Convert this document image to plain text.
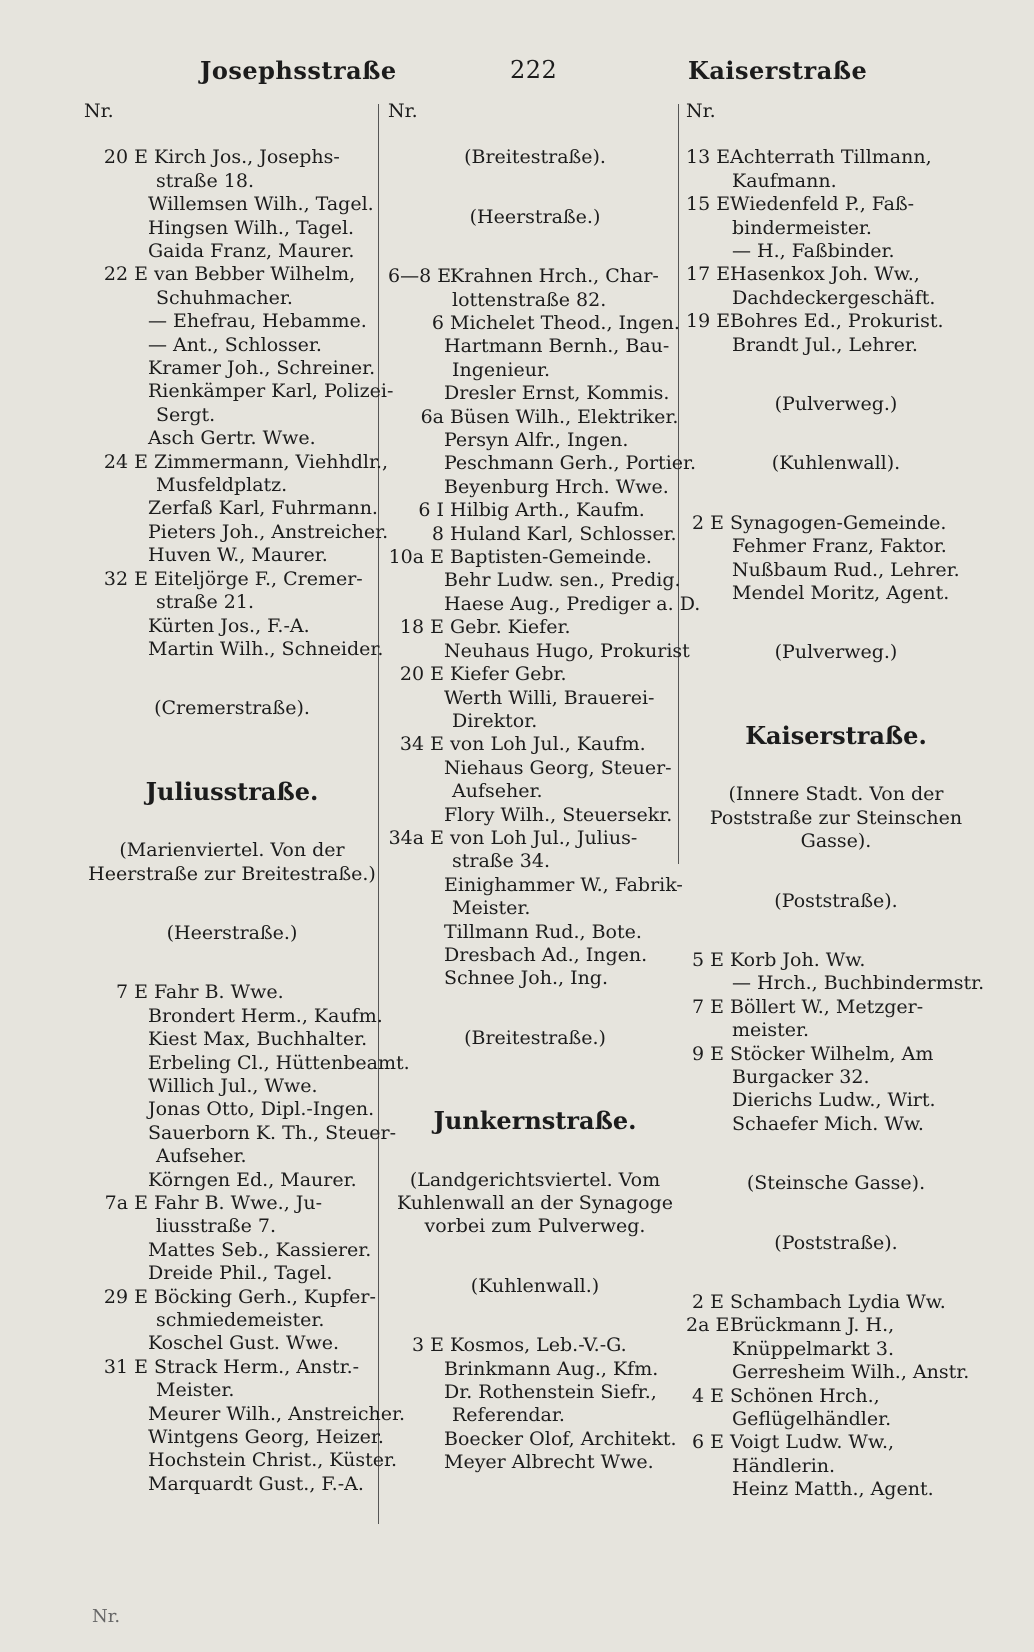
Josephsstraße	222	Kaiserstraße
Nr.
20 E Kirch Jos., Josephs-
straße 18.
Willemsen Wilh., Tagel.
Hingsen Wilh., Tagel.
Gaida Franz, Maurer.
22 E van Bebber Wilhelm,
Schuhmacher.
— Ehefrau, Hebamme.
— Ant., Schlosser.
Kramer Joh., Schreiner.
Rienkämper Karl, Polizei-
Sergt.
Asch Gertr. Wwe.
24 E Zimmermann, Viehhdlr.,
Musfeldplatz.
Zerfaß Karl, Fuhrmann.
Pieters Joh., Anstreicher.
Huven W., Maurer.
32 E Eiteljörge F., Cremer-
straße 21.
Kürten Jos., F.-A.
Martin Wilh., Schneider.
(Cremerstraße).
Juliusstraße.
(Marienviertel. Von der
Heerstraße zur Breitestraße.)
(Heerstraße.)
7 E Fahr B. Wwe.
Brondert Herm., Kaufm.
Kiest Max, Buchhalter.
Erbeling Cl., Hüttenbeamt.
Willich Jul., Wwe.
Jonas Otto, Dipl.-Ingen.
Sauerborn K. Th., Steuer-
Aufseher.
Körngen Ed., Maurer.
7a E Fahr B. Wwe., Ju-
liusstraße 7.
Mattes Seb., Kassierer.
Dreide Phil., Tagel.
29 E Böcking Gerh., Kupfer-
schmiedemeister.
Koschel Gust. Wwe.
31 E Strack Herm., Anstr.-
Meister.
Meurer Wilh., Anstreicher.
Wintgens Georg, Heizer.
Hochstein Christ., Küster.
Marquardt Gust., F.-A.
Nr.
(Breitestraße).
(Heerstraße.)
6—8 E
Krahnen Hrch., Char-
lottenstraße 82.
6 Michelet Theod., Ingen.
Hartmann Bernh., Bau-
Ingenieur.
Dresler Ernst, Kommis.
6a Büsen Wilh., Elektriker.
Persyn Alfr., Ingen.
Peschmann Gerh., Portier.
Beyenburg Hrch. Wwe.
6 I Hilbig Arth., Kaufm.
8 Huland Karl, Schlosser.
10a E Baptisten-Gemeinde.
Behr Ludw. sen., Predig.
Haese Aug., Prediger a. D.
18 E Gebr. Kiefer.
Neuhaus Hugo, Prokurist
20 E Kiefer Gebr.
Werth Willi, Brauerei-
Direktor.
34 E von Loh Jul., Kaufm.
Niehaus Georg, Steuer-
Aufseher.
Flory Wilh., Steuersekr.
34a E von Loh Jul., Julius-
straße 34.
Einighammer W., Fabrik-
Meister.
Tillmann Rud., Bote.
Dresbach Ad., Ingen.
Schnee Joh., Ing.
(Breitestraße.)
Junkernstraße.
(Landgerichtsviertel. Vom
Kuhlenwall an der Synagoge
vorbei zum Pulverweg.
(Kuhlenwall.)
3 E Kosmos, Leb.-V.-G.
Brinkmann Aug., Kfm.
Dr. Rothenstein Siefr.,
Referendar.
Boecker Olof, Architekt.
Meyer Albrecht Wwe.
Nr.
13 E Achterrath Tillmann,
Kaufmann.
15 E Wiedenfeld P., Faß-
bindermeister.
— H., Faßbinder.
17 E Hasenkox Joh. Ww.,
Dachdeckergeschäft.
19 E Bohres Ed., Prokurist.
Brandt Jul., Lehrer.
(Pulverweg.)
(Kuhlenwall).
2 E Synagogen-Gemeinde.
Fehmer Franz, Faktor.
Nußbaum Rud., Lehrer.
Mendel Moritz, Agent.
(Pulverweg.)
Kaiserstraße.
(Innere Stadt. Von der
Poststraße zur Steinschen
Gasse).
(Poststraße).
5 E Korb Joh. Ww.
— Hrch., Buchbindermstr.
7 E Böllert W., Metzger-
meister.
9 E Stöcker Wilhelm, Am
Burgacker 32.
Dierichs Ludw., Wirt.
Schaefer Mich. Ww.
(Steinsche Gasse).
(Poststraße).
2 E Schambach Lydia Ww.
2a E Brückmann J. H.,
Knüppelmarkt 3.
Gerresheim Wilh., Anstr.
4 E Schönen Hrch.,
Geflügelhändler.
6 E Voigt Ludw. Ww.,
Händlerin.
Heinz Matth., Agent.
Nr.
